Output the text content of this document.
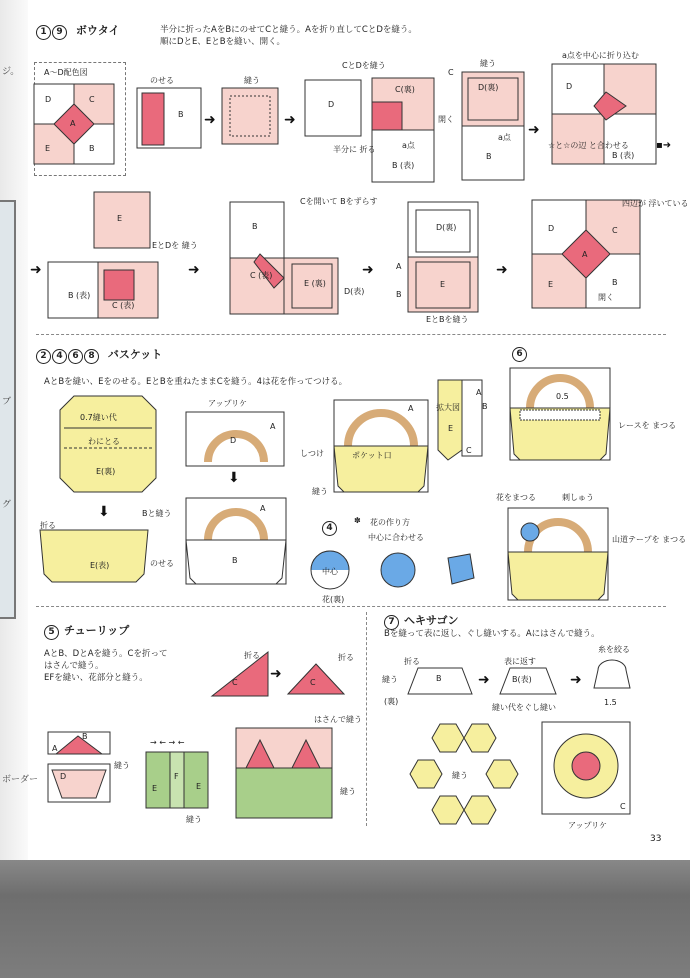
ジ。
ブ
グ
ボーダー
1 9 ボウタイ	半分に折ったAをBにのせてCと縫う。Aを折り直してCとDを縫う。
順にDとE、EとBを縫い、開く。
A～D配色図
D	C
A
E	B
のせる
B ➜
縫う
➜
D
CとDを縫う
C(裏)
半分に 折る	a点
B (表)
開く
縫う
D(裏)
C
a点
B
➜
a点を中心に折り込む
D
☆と☆の辺 と合わせる
B (表)
▪➜
➜
E
EとDを 縫う
B (表)
C (表)
➜
B
Cを開いて Bをずらす
C (表)
E (裏)
D(表)
➜
D(裏)
A
B
E
EとBを縫う
➜
D	C
A
E	B
四辺が 浮いている
開く
2 4 6 8 バスケット
AとBを縫い、Eをのせる。EとBを重ねたままCを縫う。4は花を作ってつける。
0.7縫い代
わにとる
E(裏)
⬇
折る
E(表)	のせる
アップリケ
D
A
⬇
Bと縫う
A
B
しつけ	ポケット口
縫う
A	拡大図
E
A
B
C
4
✽ 花の作り方
中心に合わせる
中心
花(裏)
6
0.5
レースを まつる
花をまつる	刺しゅう
山道テープを まつる
5 チューリップ
AとB、DとAを縫う。Cを折って
はさんで縫う。
EFを縫い、花部分と縫う。
折る
C
➜
折る
C
A
B
D
縫う
→ ← → ←
E
F
E
縫う
はさんで縫う
縫う
7 ヘキサゴン
Bを縫って表に返し、ぐし縫いする。Aにはさんで縫う。
折る
B
縫う
(裏)
➜
表に返す
B(表)
縫い代をぐし縫い
➜
糸を絞る
1.5
縫う
C
アップリケ
33
